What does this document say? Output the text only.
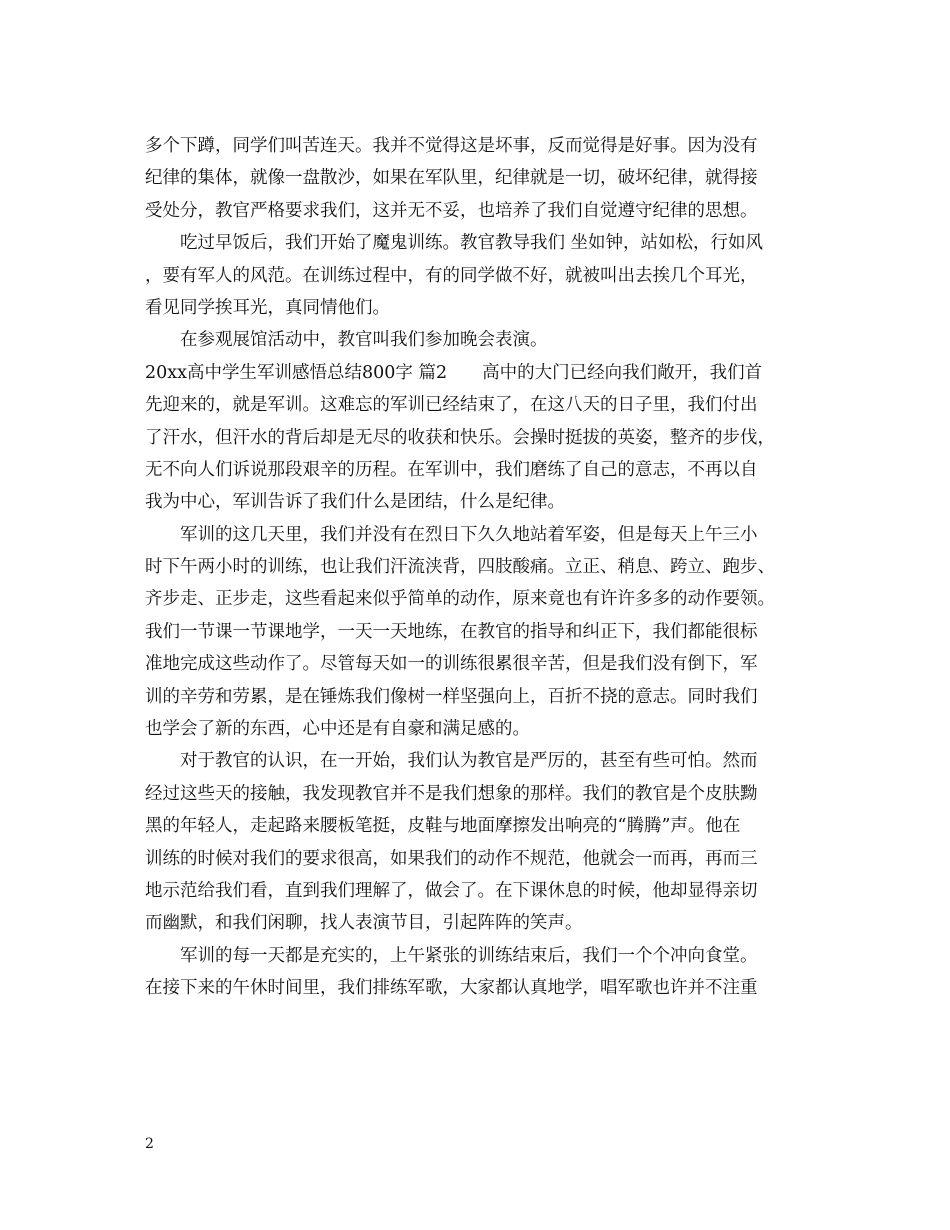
多个下蹲，同学们叫苦连天。我并不觉得这是坏事，反而觉得是好事。因为没有
纪律的集体，就像一盘散沙，如果在军队里，纪律就是一切，破坏纪律，就得接
受处分，教官严格要求我们，这并无不妥，也培养了我们自觉遵守纪律的思想。
　　吃过早饭后，我们开始了魔鬼训练。教官教导我们 坐如钟，站如松，行如风
，要有军人的风范。在训练过程中，有的同学做不好，就被叫出去挨几个耳光，
看见同学挨耳光，真同情他们。
　　在参观展馆活动中，教官叫我们参加晚会表演。
20xx高中学生军训感悟总结800字 篇2　　高中的大门已经向我们敞开，我们首
先迎来的，就是军训。这难忘的军训已经结束了，在这八天的日子里，我们付出
了汗水，但汗水的背后却是无尽的收获和快乐。会操时挺拔的英姿，整齐的步伐，
无不向人们诉说那段艰辛的历程。在军训中，我们磨练了自己的意志，不再以自
我为中心，军训告诉了我们什么是团结，什么是纪律。
　　军训的这几天里，我们并没有在烈日下久久地站着军姿，但是每天上午三小
时下午两小时的训练，也让我们汗流浃背，四肢酸痛。立正、稍息、跨立、跑步、
齐步走、正步走，这些看起来似乎简单的动作，原来竟也有许许多多的动作要领。
我们一节课一节课地学，一天一天地练，在教官的指导和纠正下，我们都能很标
准地完成这些动作了。尽管每天如一的训练很累很辛苦，但是我们没有倒下，军
训的辛劳和劳累，是在锤炼我们像树一样坚强向上，百折不挠的意志。同时我们
也学会了新的东西，心中还是有自豪和满足感的。
　　对于教官的认识，在一开始，我们认为教官是严厉的，甚至有些可怕。然而
经过这些天的接触，我发现教官并不是我们想象的那样。我们的教官是个皮肤黝
黑的年轻人，走起路来腰板笔挺，皮鞋与地面摩擦发出响亮的“腾腾”声。他在
训练的时候对我们的要求很高，如果我们的动作不规范，他就会一而再，再而三
地示范给我们看，直到我们理解了，做会了。在下课休息的时候，他却显得亲切
而幽默，和我们闲聊，找人表演节目，引起阵阵的笑声。
　　军训的每一天都是充实的，上午紧张的训练结束后，我们一个个冲向食堂。
在接下来的午休时间里，我们排练军歌，大家都认真地学，唱军歌也许并不注重
2
